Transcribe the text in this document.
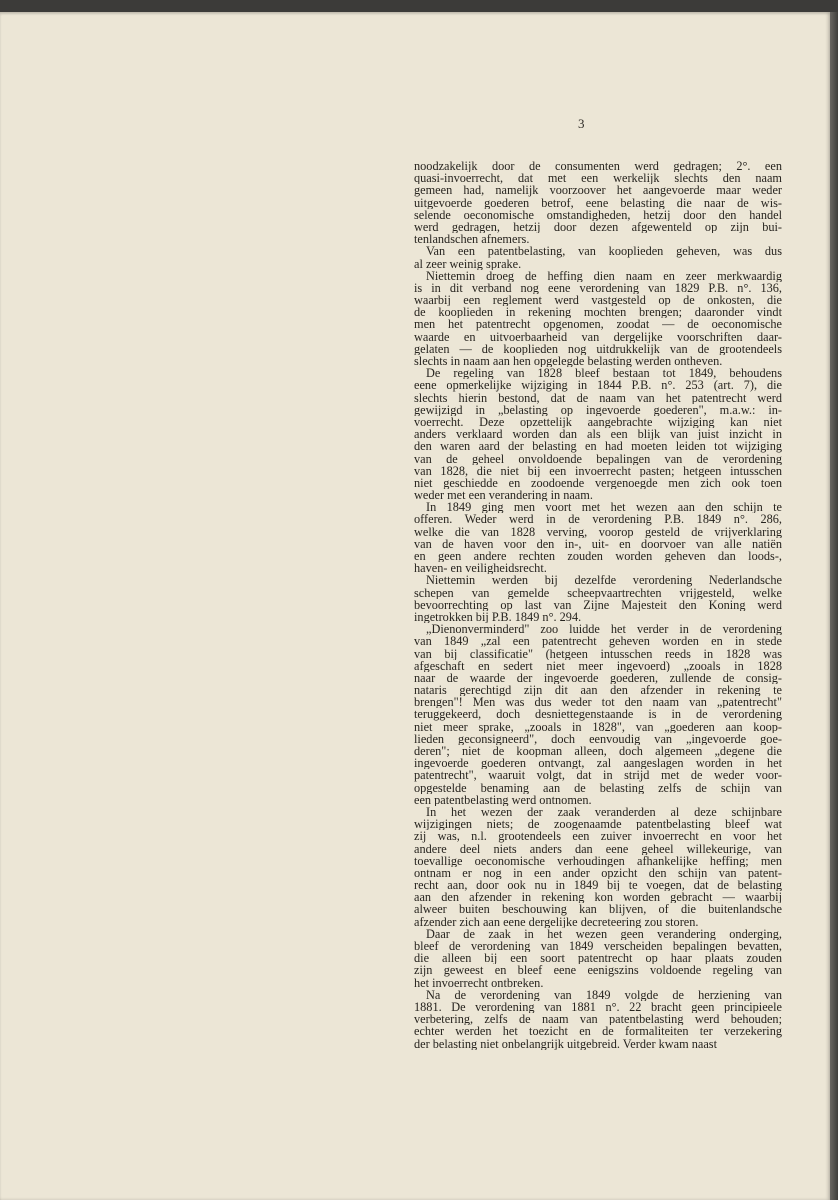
3
noodzakelijk door de consumenten werd gedragen; 2°. een
quasi-invoerrecht, dat met een werkelijk slechts den naam
gemeen had, namelijk voorzoover het aangevoerde maar weder
uitgevoerde goederen betrof, eene belasting die naar de wis-
selende oeconomische omstandigheden, hetzij door den handel
werd gedragen, hetzij door dezen afgewenteld op zijn bui-
tenlandschen afnemers.
Van een patentbelasting, van kooplieden geheven, was dus
al zeer weinig sprake.
Niettemin droeg de heffing dien naam en zeer merkwaardig
is in dit verband nog eene verordening van 1829 P.B. n°. 136,
waarbij een reglement werd vastgesteld op de onkosten, die
de kooplieden in rekening mochten brengen; daaronder vindt
men het patentrecht opgenomen, zoodat — de oeconomische
waarde en uitvoerbaarheid van dergelijke voorschriften daar-
gelaten — de kooplieden nog uitdrukkelijk van de grootendeels
slechts in naam aan hen opgelegde belasting werden ontheven.
De regeling van 1828 bleef bestaan tot 1849, behoudens
eene opmerkelijke wijziging in 1844 P.B. n°. 253 (art. 7), die
slechts hierin bestond, dat de naam van het patentrecht werd
gewijzigd in „belasting op ingevoerde goederen", m.a.w.: in-
voerrecht. Deze opzettelijk aangebrachte wijziging kan niet
anders verklaard worden dan als een blijk van juist inzicht in
den waren aard der belasting en had moeten leiden tot wijziging
van de geheel onvoldoende bepalingen van de verordening
van 1828, die niet bij een invoerrecht pasten; hetgeen intusschen
niet geschiedde en zoodoende vergenoegde men zich ook toen
weder met een verandering in naam.
In 1849 ging men voort met het wezen aan den schijn te
offeren. Weder werd in de verordening P.B. 1849 n°. 286,
welke die van 1828 verving, voorop gesteld de vrijverklaring
van de haven voor den in-, uit- en doorvoer van alle natiën
en geen andere rechten zouden worden geheven dan loods-,
haven- en veiligheidsrecht.
Niettemin werden bij dezelfde verordening Nederlandsche
schepen van gemelde scheepvaartrechten vrijgesteld, welke
bevoorrechting op last van Zijne Majesteit den Koning werd
ingetrokken bij P.B. 1849 n°. 294.
„Dienonverminderd" zoo luidde het verder in de verordening
van 1849 „zal een patentrecht geheven worden en in stede
van bij classificatie" (hetgeen intusschen reeds in 1828 was
afgeschaft en sedert niet meer ingevoerd) „zooals in 1828
naar de waarde der ingevoerde goederen, zullende de consig-
nataris gerechtigd zijn dit aan den afzender in rekening te
brengen"! Men was dus weder tot den naam van „patentrecht"
teruggekeerd, doch desniettegenstaande is in de verordening
niet meer sprake, „zooals in 1828", van „goederen aan koop-
lieden geconsigneerd", doch eenvoudig van „ingevoerde goe-
deren"; niet de koopman alleen, doch algemeen „degene die
ingevoerde goederen ontvangt, zal aangeslagen worden in het
patentrecht", waaruit volgt, dat in strijd met de weder voor-
opgestelde benaming aan de belasting zelfs de schijn van
een patentbelasting werd ontnomen.
In het wezen der zaak veranderden al deze schijnbare
wijzigingen niets; de zoogenaamde patentbelasting bleef wat
zij was, n.l. grootendeels een zuiver invoerrecht en voor het
andere deel niets anders dan eene geheel willekeurige, van
toevallige oeconomische verhoudingen afhankelijke heffing; men
ontnam er nog in een ander opzicht den schijn van patent-
recht aan, door ook nu in 1849 bij te voegen, dat de belasting
aan den afzender in rekening kon worden gebracht — waarbij
alweer buiten beschouwing kan blijven, of die buitenlandsche
afzender zich aan eene dergelijke decreteering zou storen.
Daar de zaak in het wezen geen verandering onderging,
bleef de verordening van 1849 verscheiden bepalingen bevatten,
die alleen bij een soort patentrecht op haar plaats zouden
zijn geweest en bleef eene eenigszins voldoende regeling van
het invoerrecht ontbreken.
Na de verordening van 1849 volgde de herziening van
1881. De verordening van 1881 n°. 22 bracht geen principieele
verbetering, zelfs de naam van patentbelasting werd behouden;
echter werden het toezicht en de formaliteiten ter verzekering
der belasting niet onbelangrijk uitgebreid. Verder kwam naast
